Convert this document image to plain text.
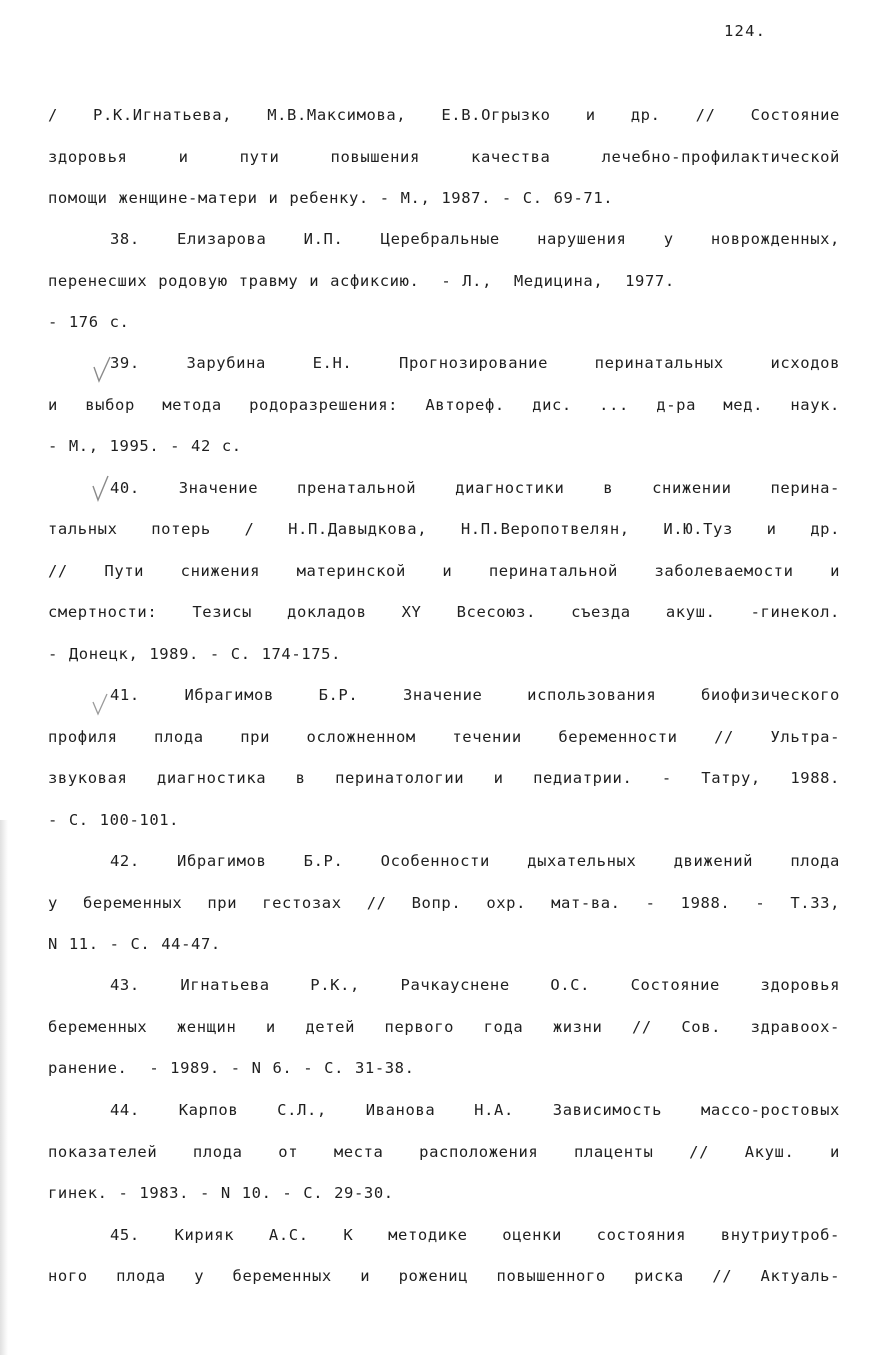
124.
/ Р.К.Игнатьева, М.В.Максимова, Е.В.Огрызко и др. // Состояние
здоровья и пути повышения качества лечебно-профилактической
помощи женщине-матери и ребенку. - М., 1987. - С. 69-71.
38. Елизарова И.П. Церебральные нарушения у новрожденных,
перенесших родовую травму и асфиксию.  - Л.,  Медицина,  1977.
- 176 с.
39. Зарубина Е.Н. Прогнозирование перинатальных исходов
и выбор метода родоразрешения: Автореф. дис. ... д-ра мед. наук.
- М., 1995. - 42 с.
40. Значение пренатальной диагностики в снижении перина-
тальных потерь / Н.П.Давыдкова, Н.П.Веропотвелян, И.Ю.Туз и др.
// Пути снижения материнской и перинатальной заболеваемости и
смертности: Тезисы докладов XY Всесоюз. съезда акуш. -гинекол.
- Донецк, 1989. - С. 174-175.
41. Ибрагимов Б.Р. Значение использования биофизического
профиля плода при осложненном течении беременности // Ультра-
звуковая диагностика в перинатологии и педиатрии. - Татру, 1988.
- С. 100-101.
42. Ибрагимов Б.Р. Особенности дыхательных движений плода
у беременных при гестозах // Вопр. охр. мат-ва. - 1988. - Т.33,
N 11. - С. 44-47.
43. Игнатьева Р.К., Рачкауснене О.С. Состояние здоровья
беременных женщин и детей первого года жизни // Сов. здравоох-
ранение.  - 1989. - N 6. - С. 31-38.
44. Карпов С.Л., Иванова Н.А. Зависимость массо-ростовых
показателей плода от места расположения плаценты // Акуш. и
гинек. - 1983. - N 10. - С. 29-30.
45. Кирияк А.С. К методике оценки состояния внутриутроб-
ного плода у беременных и рожениц повышенного риска // Актуаль-
